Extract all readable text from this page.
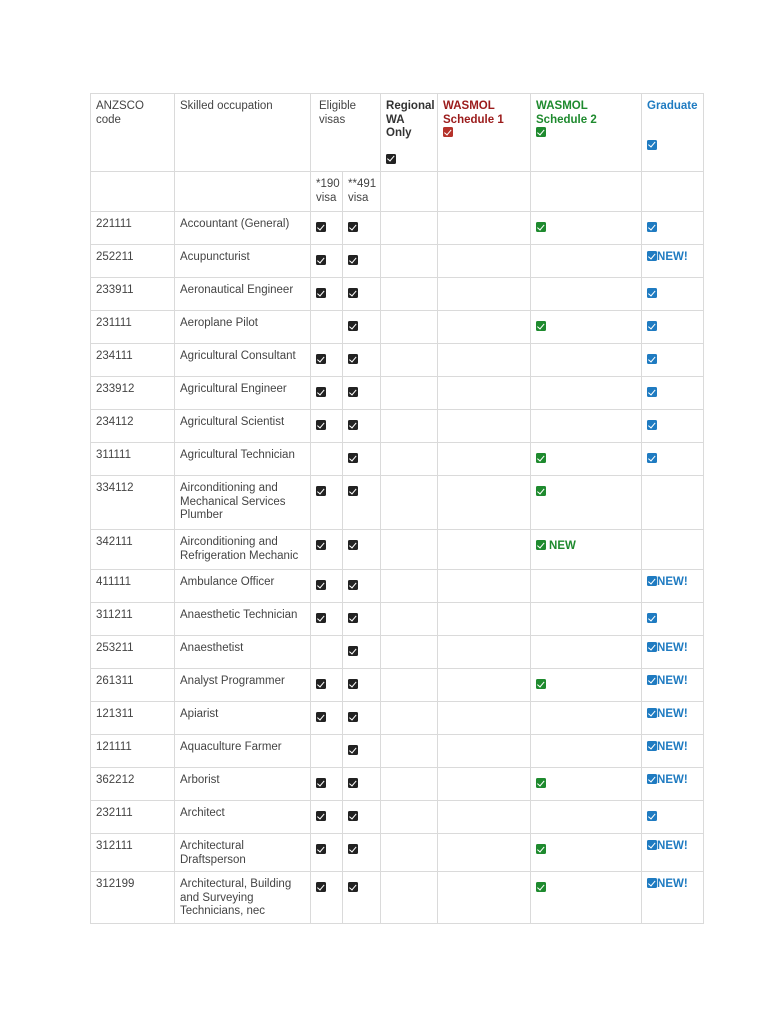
ANZSCO code	Skilled occupation	Eligible visas		Regional WA Only	WASMOL Schedule 1	WASMOL Schedule 2	Graduate

		*190 visa	**491 visa				
221111	Accountant (General)						
252211	Acupuncturist						NEW!
233911	Aeronautical Engineer						
231111	Aeroplane Pilot						
234111	Agricultural Consultant						
233912	Agricultural Engineer						
234112	Agricultural Scientist						
311111	Agricultural Technician						
334112	Airconditioning and Mechanical Services Plumber						
342111	Airconditioning and Refrigeration Mechanic					NEW	
411111	Ambulance Officer						NEW!
311211	Anaesthetic Technician						
253211	Anaesthetist						NEW!
261311	Analyst Programmer						NEW!
121311	Apiarist						NEW!
121111	Aquaculture Farmer						NEW!
362212	Arborist						NEW!
232111	Architect						
312111	Architectural Draftsperson						NEW!
312199	Architectural, Building and Surveying Technicians, nec						NEW!
